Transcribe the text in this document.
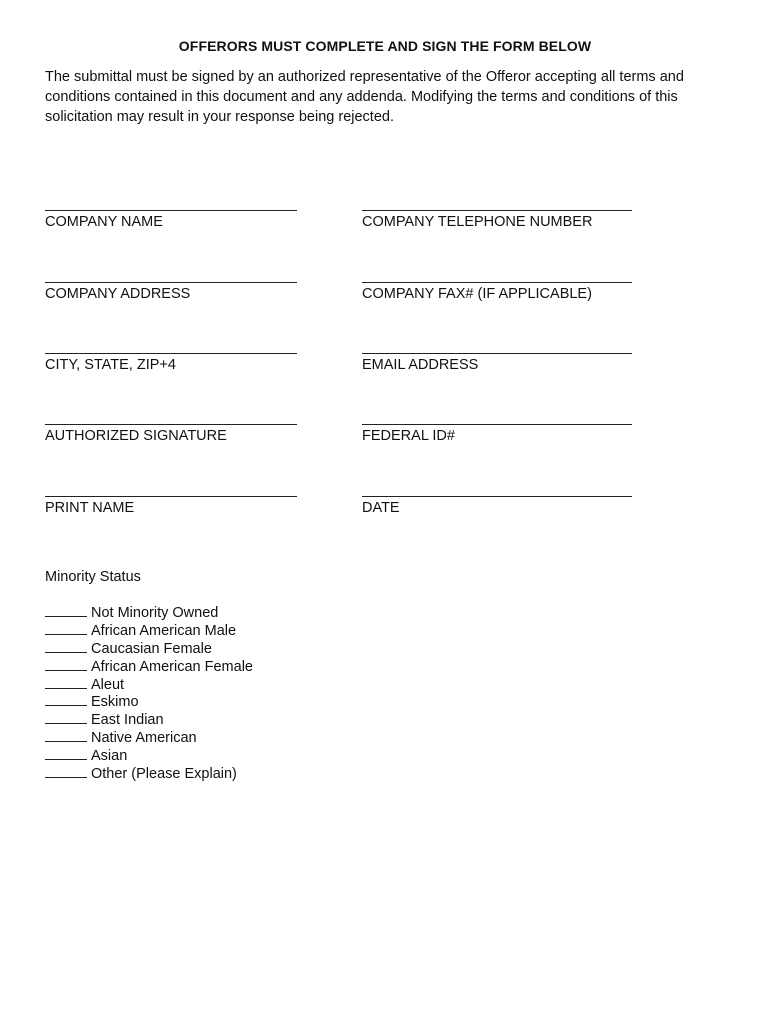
OFFERORS MUST COMPLETE AND SIGN THE FORM BELOW
The submittal must be signed by an authorized representative of the Offeror accepting all terms and
conditions contained in this document and any addenda. Modifying the terms and conditions of this
solicitation may result in your response being rejected.
COMPANY NAME	COMPANY TELEPHONE NUMBER
COMPANY ADDRESS	COMPANY FAX# (IF APPLICABLE)
CITY, STATE, ZIP+4	EMAIL ADDRESS
AUTHORIZED SIGNATURE	FEDERAL ID#
PRINT NAME	DATE
Minority Status
Not Minority Owned
African American Male
Caucasian Female
African American Female
Aleut
Eskimo
East Indian
Native American
Asian
Other (Please Explain)
